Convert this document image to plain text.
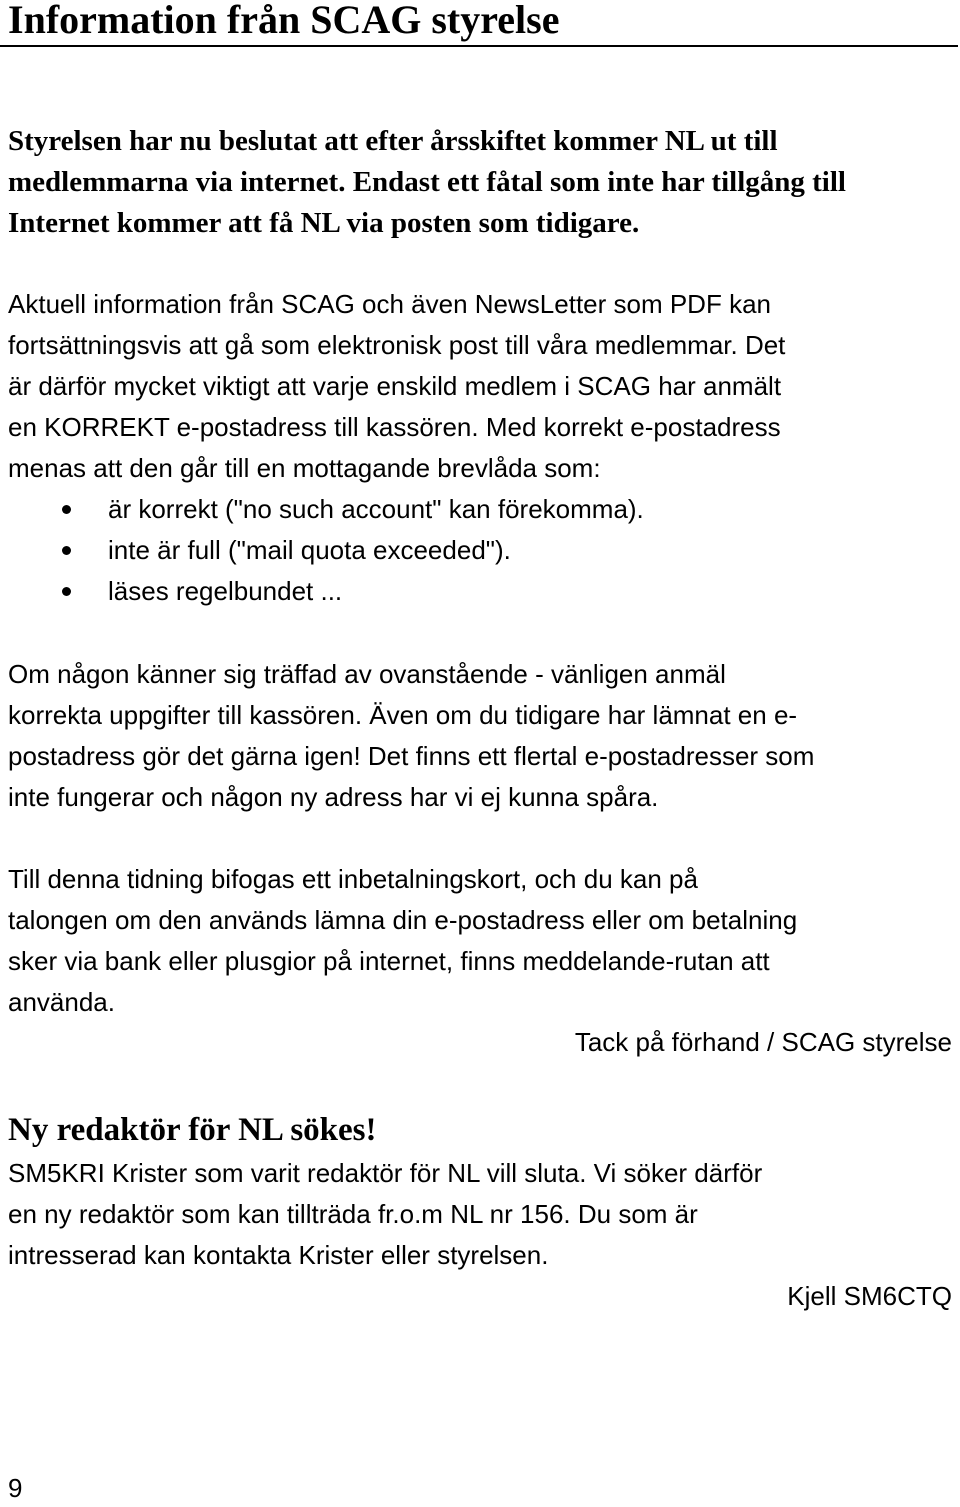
Information från SCAG styrelse

Styrelsen har nu beslutat att efter årsskiftet kommer NL ut till
medlemmarna via internet. Endast ett fåtal som inte har tillgång till
Internet kommer att få NL via posten som tidigare.

Aktuell information från SCAG och även NewsLetter som PDF kan
fortsättningsvis att gå som elektronisk post till våra medlemmar. Det
är därför mycket viktigt att varje enskild medlem i SCAG har anmält
en KORREKT e-postadress till kassören. Med korrekt e-postadress
menas att den går till en mottagande brevlåda som:
är korrekt ("no such account" kan förekomma).
inte är full ("mail quota exceeded").
läses regelbundet ...

Om någon känner sig träffad av ovanstående - vänligen anmäl
korrekta uppgifter till kassören. Även om du tidigare har lämnat en e-
postadress gör det gärna igen! Det finns ett flertal e-postadresser som
inte fungerar och någon ny adress har vi ej kunna spåra.

Till denna tidning bifogas ett inbetalningskort, och du kan på
talongen om den används lämna din e-postadress eller om betalning
sker via bank eller plusgior på internet, finns meddelande-rutan att
använda.

Tack på förhand / SCAG styrelse
Ny redaktör för NL sökes!

SM5KRI Krister som varit redaktör för NL vill sluta. Vi söker därför
en ny redaktör som kan tillträda fr.o.m NL nr 156. Du som är
intresserad kan kontakta Krister eller styrelsen.

Kjell SM6CTQ
9
